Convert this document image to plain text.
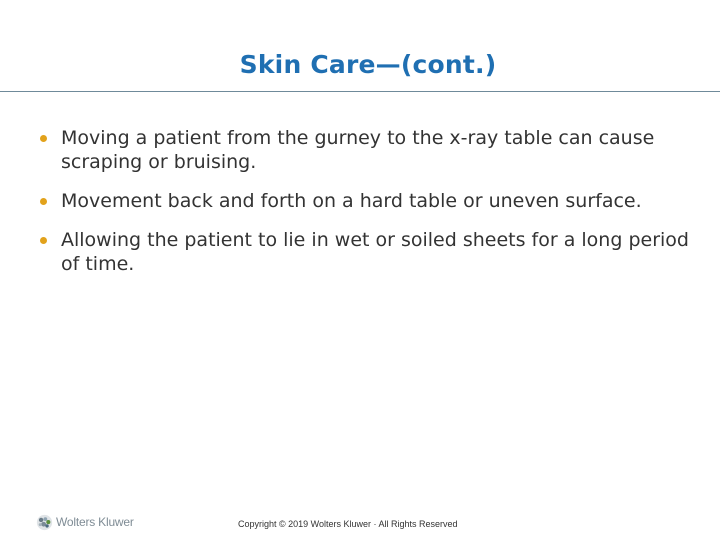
Skin Care—(cont.)
Moving a patient from the gurney to the x-ray table can cause scraping or bruising.
Movement back and forth on a hard table or uneven surface.
Allowing the patient to lie in wet or soiled sheets for a long period of time.
Wolters Kluwer	Copyright © 2019 Wolters Kluwer · All Rights Reserved
